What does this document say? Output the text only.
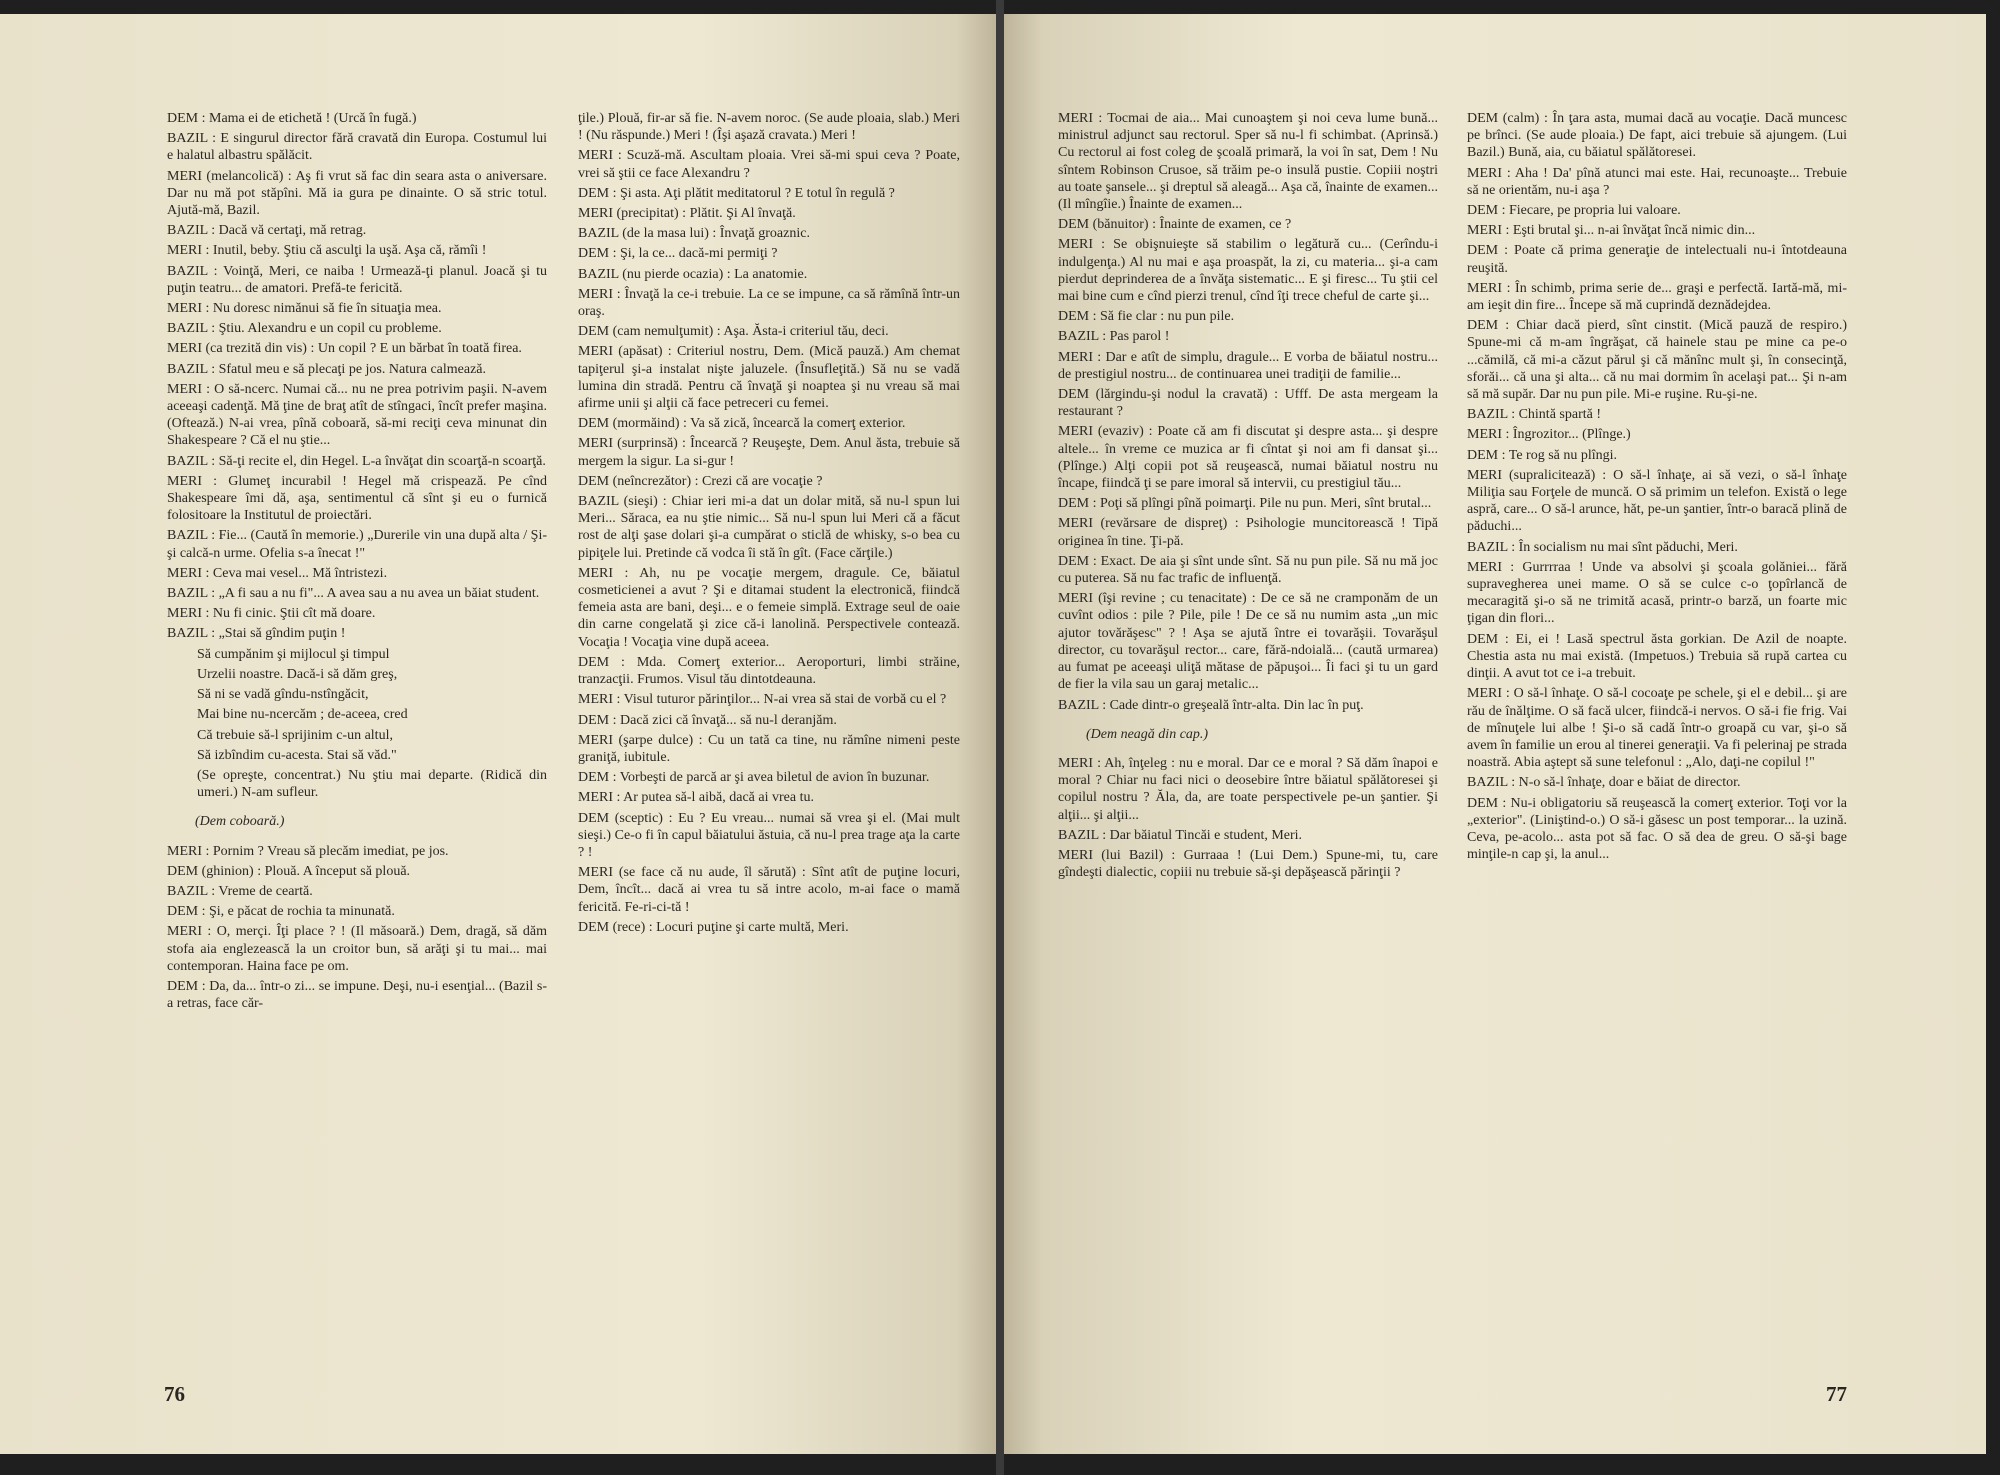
DEM : Mama ei de etichetă ! (Urcă în fugă.)

BAZIL : E singurul director fără cravată din Europa. Costumul lui e halatul albastru spălăcit.

MERI (melancolică) : Aş fi vrut să fac din seara asta o aniversare. Dar nu mă pot stăpîni. Mă ia gura pe dinainte. O să stric totul. Ajută-mă, Bazil.

BAZIL : Dacă vă certaţi, mă retrag.

MERI : Inutil, beby. Ştiu că asculţi la uşă. Aşa că, rămîi !

BAZIL : Voinţă, Meri, ce naiba ! Urmează-ţi planul. Joacă şi tu puţin teatru... de amatori. Prefă-te fericită.

MERI : Nu doresc nimănui să fie în situaţia mea.

BAZIL : Ştiu. Alexandru e un copil cu probleme.

MERI (ca trezită din vis) : Un copil ? E un bărbat în toată firea.

BAZIL : Sfatul meu e să plecaţi pe jos. Natura calmează.

MERI : O să-ncerc. Numai că... nu ne prea potrivim paşii. N-avem aceeaşi cadenţă. Mă ţine de braţ atît de stîngaci, încît prefer maşina. (Oftează.) N-ai vrea, pînă coboară, să-mi reciţi ceva minunat din Shakespeare ? Că el nu ştie...

BAZIL : Să-ţi recite el, din Hegel. L-a învăţat din scoarţă-n scoarţă.

MERI : Glumeţ incurabil ! Hegel mă crispează. Pe cînd Shakespeare îmi dă, aşa, sentimentul că sînt şi eu o furnică folositoare la Institutul de proiectări.

BAZIL : Fie... (Caută în memorie.) „Durerile vin una după alta / Şi-şi calcă-n urme. Ofelia s-a înecat !"

MERI : Ceva mai vesel... Mă întristezi.

BAZIL : „A fi sau a nu fi"... A avea sau a nu avea un băiat student.

MERI : Nu fi cinic. Ştii cît mă doare.

BAZIL : „Stai să gîndim puţin !

Să cumpănim şi mijlocul şi timpul

Urzelii noastre. Dacă-i să dăm greş,

Să ni se vadă gîndu-nstîngăcit,

Mai bine nu-ncercăm ; de-aceea, cred

Că trebuie să-l sprijinim c-un altul,

Să izbîndim cu-acesta. Stai să văd."

(Se opreşte, concentrat.) Nu ştiu mai departe. (Ridică din umeri.) N-am sufleur.

(Dem coboară.)

MERI : Pornim ? Vreau să plecăm imediat, pe jos.

DEM (ghinion) : Plouă. A început să plouă.

BAZIL : Vreme de ceartă.

DEM : Şi, e păcat de rochia ta minunată.

MERI : O, merçi. Îţi place ? ! (Il măsoară.) Dem, dragă, să dăm stofa aia englezească la un croitor bun, să arăţi şi tu mai... mai contemporan. Haina face pe om.

DEM : Da, da... într-o zi... se impune. Deşi, nu-i esenţial... (Bazil s-a retras, face căr-

ţile.) Plouă, fir-ar să fie. N-avem noroc. (Se aude ploaia, slab.) Meri ! (Nu răspunde.) Meri ! (Îşi aşază cravata.) Meri !

MERI : Scuză-mă. Ascultam ploaia. Vrei să-mi spui ceva ? Poate, vrei să ştii ce face Alexandru ?

DEM : Şi asta. Aţi plătit meditatorul ? E totul în regulă ?

MERI (precipitat) : Plătit. Şi Al învaţă.

BAZIL (de la masa lui) : Învaţă groaznic.

DEM : Şi, la ce... dacă-mi permiţi ?

BAZIL (nu pierde ocazia) : La anatomie.

MERI : Învaţă la ce-i trebuie. La ce se impune, ca să rămînă într-un oraş.

DEM (cam nemulţumit) : Aşa. Ăsta-i criteriul tău, deci.

MERI (apăsat) : Criteriul nostru, Dem. (Mică pauză.) Am chemat tapiţerul şi-a instalat nişte jaluzele. (Însufleţită.) Să nu se vadă lumina din stradă. Pentru că învaţă şi noaptea şi nu vreau să mai afirme unii şi alţii că face petreceri cu femei.

DEM (mormăind) : Va să zică, încearcă la comerţ exterior.

MERI (surprinsă) : Încearcă ? Reuşeşte, Dem. Anul ăsta, trebuie să mergem la sigur. La si-gur !

DEM (neîncrezător) : Crezi că are vocaţie ?

BAZIL (sieşi) : Chiar ieri mi-a dat un dolar mită, să nu-l spun lui Meri... Săraca, ea nu ştie nimic... Să nu-l spun lui Meri că a făcut rost de alţi şase dolari şi-a cumpărat o sticlă de whisky, s-o bea cu pipiţele lui. Pretinde că vodca îi stă în gît. (Face cărţile.)

MERI : Ah, nu pe vocaţie mergem, dragule. Ce, băiatul cosmeticienei a avut ? Şi e ditamai student la electronică, fiindcă femeia asta are bani, deşi... e o femeie simplă. Extrage seul de oaie din carne congelată şi zice că-i lanolină. Perspectivele contează. Vocaţia ! Vocaţia vine după aceea.

DEM : Mda. Comerţ exterior... Aeroporturi, limbi străine, tranzacţii. Frumos. Visul tău dintotdeauna.

MERI : Visul tuturor părinţilor... N-ai vrea să stai de vorbă cu el ?

DEM : Dacă zici că învaţă... să nu-l deranjăm.

MERI (şarpe dulce) : Cu un tată ca tine, nu rămîne nimeni peste graniţă, iubitule.

DEM : Vorbeşti de parcă ar şi avea biletul de avion în buzunar.

MERI : Ar putea să-l aibă, dacă ai vrea tu.

DEM (sceptic) : Eu ? Eu vreau... numai să vrea şi el. (Mai mult sieşi.) Ce-o fi în capul băiatului ăstuia, că nu-l prea trage aţa la carte ? !

MERI (se face că nu aude, îl sărută) : Sînt atît de puţine locuri, Dem, încît... dacă ai vrea tu să intre acolo, m-ai face o mamă fericită. Fe-ri-ci-tă !

DEM (rece) : Locuri puţine şi carte multă, Meri.

76

MERI : Tocmai de aia... Mai cunoaştem şi noi ceva lume bună... ministrul adjunct sau rectorul. Sper să nu-l fi schimbat. (Aprinsă.) Cu rectorul ai fost coleg de şcoală primară, la voi în sat, Dem ! Nu sîntem Robinson Crusoe, să trăim pe-o insulă pustie. Copiii noştri au toate şansele... şi dreptul să aleagă... Aşa că, înainte de examen... (Il mîngîie.) Înainte de examen...

DEM (bănuitor) : Înainte de examen, ce ?

MERI : Se obişnuieşte să stabilim o legătură cu... (Cerîndu-i indulgenţa.) Al nu mai e aşa proaspăt, la zi, cu materia... şi-a cam pierdut deprinderea de a învăţa sistematic... E şi firesc... Tu ştii cel mai bine cum e cînd pierzi trenul, cînd îţi trece cheful de carte şi...

DEM : Să fie clar : nu pun pile.

BAZIL : Pas parol !

MERI : Dar e atît de simplu, dragule... E vorba de băiatul nostru... de prestigiul nostru... de continuarea unei tradiţii de familie...

DEM (lărgindu-şi nodul la cravată) : Ufff. De asta mergeam la restaurant ?

MERI (evaziv) : Poate că am fi discutat şi despre asta... şi despre altele... în vreme ce muzica ar fi cîntat şi noi am fi dansat şi... (Plînge.) Alţi copii pot să reuşească, numai băiatul nostru nu încape, fiindcă ţi se pare imoral să intervii, cu prestigiul tău...

DEM : Poţi să plîngi pînă poimarţi. Pile nu pun. Meri, sînt brutal...

MERI (revărsare de dispreţ) : Psihologie muncitorească ! Tipă originea în tine. Ţi-pă.

DEM : Exact. De aia şi sînt unde sînt. Să nu pun pile. Să nu mă joc cu puterea. Să nu fac trafic de influenţă.

MERI (îşi revine ; cu tenacitate) : De ce să ne cramponăm de un cuvînt odios : pile ? Pile, pile ! De ce să nu numim asta „un mic ajutor tovărăşesc" ? ! Aşa se ajută între ei tovarăşii. Tovarăşul director, cu tovarăşul rector... care, fără-ndoială... (caută urmarea) au fumat pe aceeaşi uliţă mătase de păpuşoi... Îi faci şi tu un gard de fier la vila sau un garaj metalic...

BAZIL : Cade dintr-o greşeală într-alta. Din lac în puţ.

(Dem neagă din cap.)

MERI : Ah, înţeleg : nu e moral. Dar ce e moral ? Să dăm înapoi e moral ? Chiar nu faci nici o deosebire între băiatul spălătoresei şi copilul nostru ? Ăla, da, are toate perspectivele pe-un şantier. Şi alţii... şi alţii...

BAZIL : Dar băiatul Tincăi e student, Meri.

MERI (lui Bazil) : Gurraaa ! (Lui Dem.) Spune-mi, tu, care gîndeşti dialectic, copiii nu trebuie să-şi depăşească părinţii ?

DEM (calm) : În ţara asta, mumai dacă au vocaţie. Dacă muncesc pe brînci. (Se aude ploaia.) De fapt, aici trebuie să ajungem. (Lui Bazil.) Bună, aia, cu băiatul spălătoresei.

MERI : Aha ! Da' pînă atunci mai este. Hai, recunoaşte... Trebuie să ne orientăm, nu-i aşa ?

DEM : Fiecare, pe propria lui valoare.

MERI : Eşti brutal şi... n-ai învăţat încă nimic din...

DEM : Poate că prima generaţie de intelectuali nu-i întotdeauna reuşită.

MERI : În schimb, prima serie de... graşi e perfectă. Iartă-mă, mi-am ieşit din fire... Începe să mă cuprindă deznădejdea.

DEM : Chiar dacă pierd, sînt cinstit. (Mică pauză de respiro.) Spune-mi că m-am îngrăşat, că hainele stau pe mine ca pe-o ...cămilă, că mi-a căzut părul şi că mănînc mult şi, în consecinţă, sforăi... că una şi alta... că nu mai dormim în acelaşi pat... Şi n-am să mă supăr. Dar nu pun pile. Mi-e ruşine. Ru-şi-ne.

BAZIL : Chintă spartă !

MERI : Îngrozitor... (Plînge.)

DEM : Te rog să nu plîngi.

MERI (supralicitează) : O să-l înhaţe, ai să vezi, o să-l înhaţe Miliţia sau Forţele de muncă. O să primim un telefon. Există o lege aspră, care... O să-l arunce, hăt, pe-un şantier, într-o baracă plină de păduchi...

BAZIL : În socialism nu mai sînt păduchi, Meri.

MERI : Gurrrraa ! Unde va absolvi şi şcoala golăniei... fără supravegherea unei mame. O să se culce c-o ţopîrlancă de mecaragită şi-o să ne trimită acasă, printr-o barză, un foarte mic ţigan din flori...

DEM : Ei, ei ! Lasă spectrul ăsta gorkian. De Azil de noapte. Chestia asta nu mai există. (Impetuos.) Trebuia să rupă cartea cu dinţii. A avut tot ce i-a trebuit.

MERI : O să-l înhaţe. O să-l cocoaţe pe schele, şi el e debil... şi are rău de înălţime. O să facă ulcer, fiindcă-i nervos. O să-i fie frig. Vai de mînuţele lui albe ! Şi-o să cadă într-o groapă cu var, şi-o să avem în familie un erou al tinerei generaţii. Va fi pelerinaj pe strada noastră. Abia aştept să sune telefonul : „Alo, daţi-ne copilul !"

BAZIL : N-o să-l înhaţe, doar e băiat de director.

DEM : Nu-i obligatoriu să reuşească la comerţ exterior. Toţi vor la „exterior". (Liniştind-o.) O să-i găsesc un post temporar... la uzină. Ceva, pe-acolo... asta pot să fac. O să dea de greu. O să-şi bage minţile-n cap şi, la anul...

77
